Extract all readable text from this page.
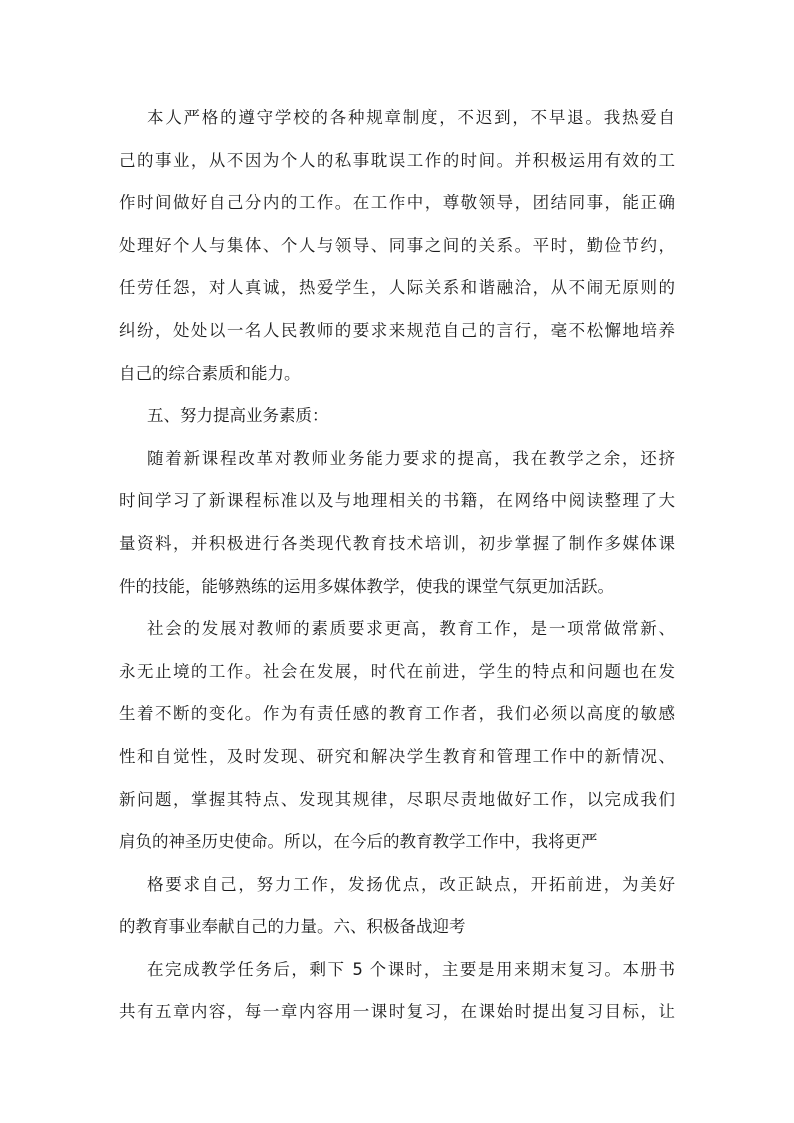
本人严格的遵守学校的各种规章制度，不迟到，不早退。我热爱自
己的事业，从不因为个人的私事耽误工作的时间。并积极运用有效的工
作时间做好自己分内的工作。在工作中，尊敬领导，团结同事，能正确
处理好个人与集体、个人与领导、同事之间的关系。平时，勤俭节约，
任劳任怨，对人真诚，热爱学生，人际关系和谐融洽，从不闹无原则的
纠纷，处处以一名人民教师的要求来规范自己的言行，毫不松懈地培养
自己的综合素质和能力。
五、努力提高业务素质：
随着新课程改革对教师业务能力要求的提高，我在教学之余，还挤
时间学习了新课程标准以及与地理相关的书籍，在网络中阅读整理了大
量资料，并积极进行各类现代教育技术培训，初步掌握了制作多媒体课
件的技能，能够熟练的运用多媒体教学，使我的课堂气氛更加活跃。
社会的发展对教师的素质要求更高，教育工作，是一项常做常新、
永无止境的工作。社会在发展，时代在前进，学生的特点和问题也在发
生着不断的变化。作为有责任感的教育工作者，我们必须以高度的敏感
性和自觉性，及时发现、研究和解决学生教育和管理工作中的新情况、
新问题，掌握其特点、发现其规律，尽职尽责地做好工作，以完成我们
肩负的神圣历史使命。所以，在今后的教育教学工作中，我将更严
格要求自己，努力工作，发扬优点，改正缺点，开拓前进，为美好
的教育事业奉献自己的力量。六、积极备战迎考
在完成教学任务后，剩下 5 个课时，主要是用来期末复习。本册书
共有五章内容，每一章内容用一课时复习，在课始时提出复习目标，让
